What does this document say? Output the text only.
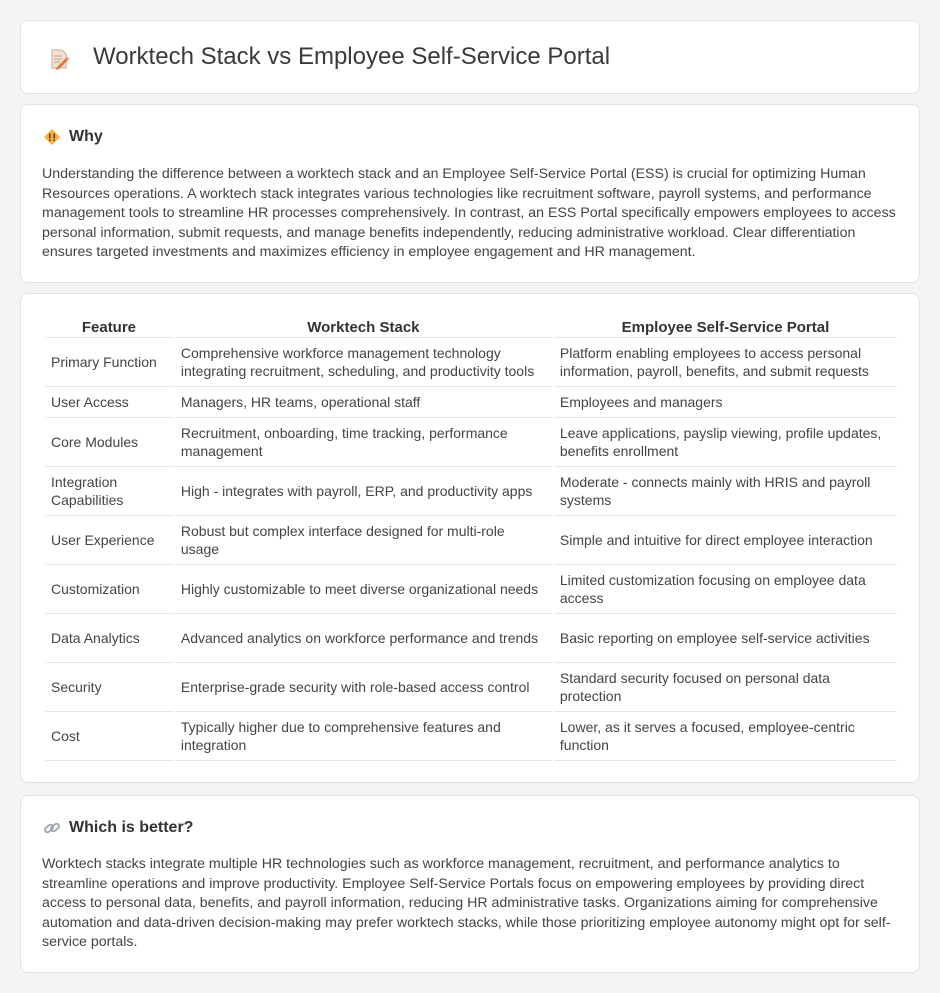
Worktech Stack vs Employee Self-Service Portal
Why

Understanding the difference between a worktech stack and an Employee Self-Service Portal (ESS) is crucial for optimizing Human Resources operations. A worktech stack integrates various technologies like recruitment software, payroll systems, and performance management tools to streamline HR processes comprehensively. In contrast, an ESS Portal specifically empowers employees to access personal information, submit requests, and manage benefits independently, reducing administrative workload. Clear differentiation ensures targeted investments and maximizes efficiency in employee engagement and HR management.

Feature	Worktech Stack	Employee Self-Service Portal
Primary Function	Comprehensive workforce management technology integrating recruitment, scheduling, and productivity tools	Platform enabling employees to access personal information, payroll, benefits, and submit requests
User Access	Managers, HR teams, operational staff	Employees and managers
Core Modules	Recruitment, onboarding, time tracking, performance management	Leave applications, payslip viewing, profile updates, benefits enrollment
Integration Capabilities	High - integrates with payroll, ERP, and productivity apps	Moderate - connects mainly with HRIS and payroll systems
User Experience	Robust but complex interface designed for multi-role usage	Simple and intuitive for direct employee interaction
Customization	Highly customizable to meet diverse organizational needs	Limited customization focusing on employee data access
Data Analytics	Advanced analytics on workforce performance and trends	Basic reporting on employee self-service activities
Security	Enterprise-grade security with role-based access control	Standard security focused on personal data protection
Cost	Typically higher due to comprehensive features and integration	Lower, as it serves a focused, employee-centric function
Which is better?

Worktech stacks integrate multiple HR technologies such as workforce management, recruitment, and performance analytics to streamline operations and improve productivity. Employee Self-Service Portals focus on empowering employees by providing direct access to personal data, benefits, and payroll information, reducing HR administrative tasks. Organizations aiming for comprehensive automation and data-driven decision-making may prefer worktech stacks, while those prioritizing employee autonomy might opt for self-service portals.
